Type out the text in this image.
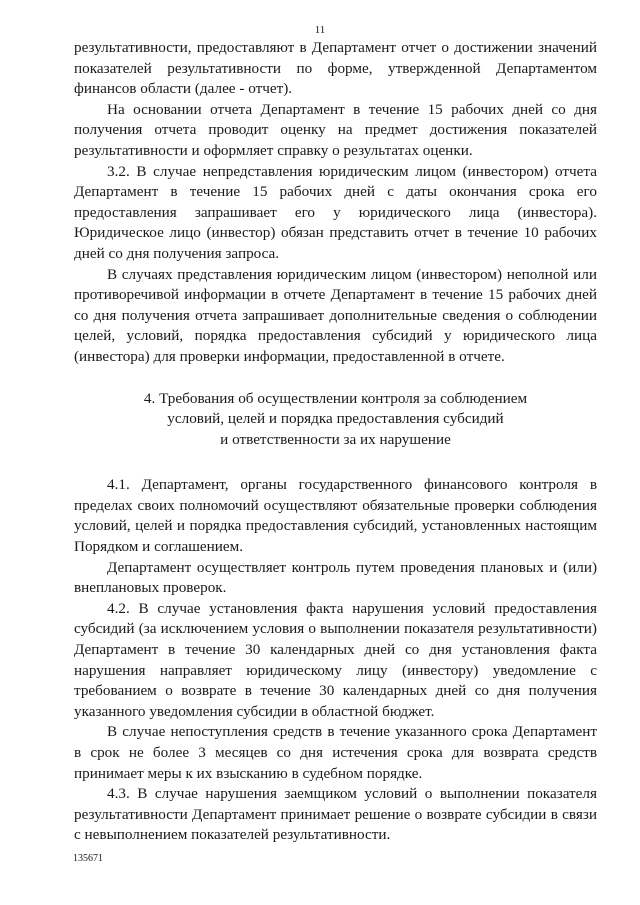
11

результативности, предоставляют в Департамент отчет о достижении значений показателей результативности по форме, утвержденной Департаментом финансов области (далее - отчет).

На основании отчета Департамент в течение 15 рабочих дней со дня получения отчета проводит оценку на предмет достижения показателей результативности и оформляет справку о результатах оценки.

3.2. В случае непредставления юридическим лицом (инвестором) отчета Департамент в течение 15 рабочих дней с даты окончания срока его предоставления запрашивает его у юридического лица (инвестора). Юридическое лицо (инвестор) обязан представить отчет в течение 10 рабочих дней со дня получения запроса.

В случаях представления юридическим лицом (инвестором) неполной или противоречивой информации в отчете Департамент в течение 15 рабочих дней со дня получения отчета запрашивает дополнительные сведения о соблюдении целей, условий, порядка предоставления субсидий у юридического лица (инвестора) для проверки информации, предоставленной в отчете.

4. Требования об осуществлении контроля за соблюдением
условий, целей и порядка предоставления субсидий
и ответственности за их нарушение

4.1. Департамент, органы государственного финансового контроля в пределах своих полномочий осуществляют обязательные проверки соблюдения условий, целей и порядка предоставления субсидий, установленных настоящим Порядком и соглашением.

Департамент осуществляет контроль путем проведения плановых и (или) внеплановых проверок.

4.2. В случае установления факта нарушения условий предоставления субсидий (за исключением условия о выполнении показателя результативности) Департамент в течение 30 календарных дней со дня установления факта нарушения направляет юридическому лицу (инвестору) уведомление с требованием о возврате в течение 30 календарных дней со дня получения указанного уведомления субсидии в областной бюджет.

В случае непоступления средств в течение указанного срока Департамент в срок не более 3 месяцев со дня истечения срока для возврата средств принимает меры к их взысканию в судебном порядке.

4.3. В случае нарушения заемщиком условий о выполнении показателя результативности Департамент принимает решение о возврате субсидии в связи с невыполнением показателей результативности.

135671
